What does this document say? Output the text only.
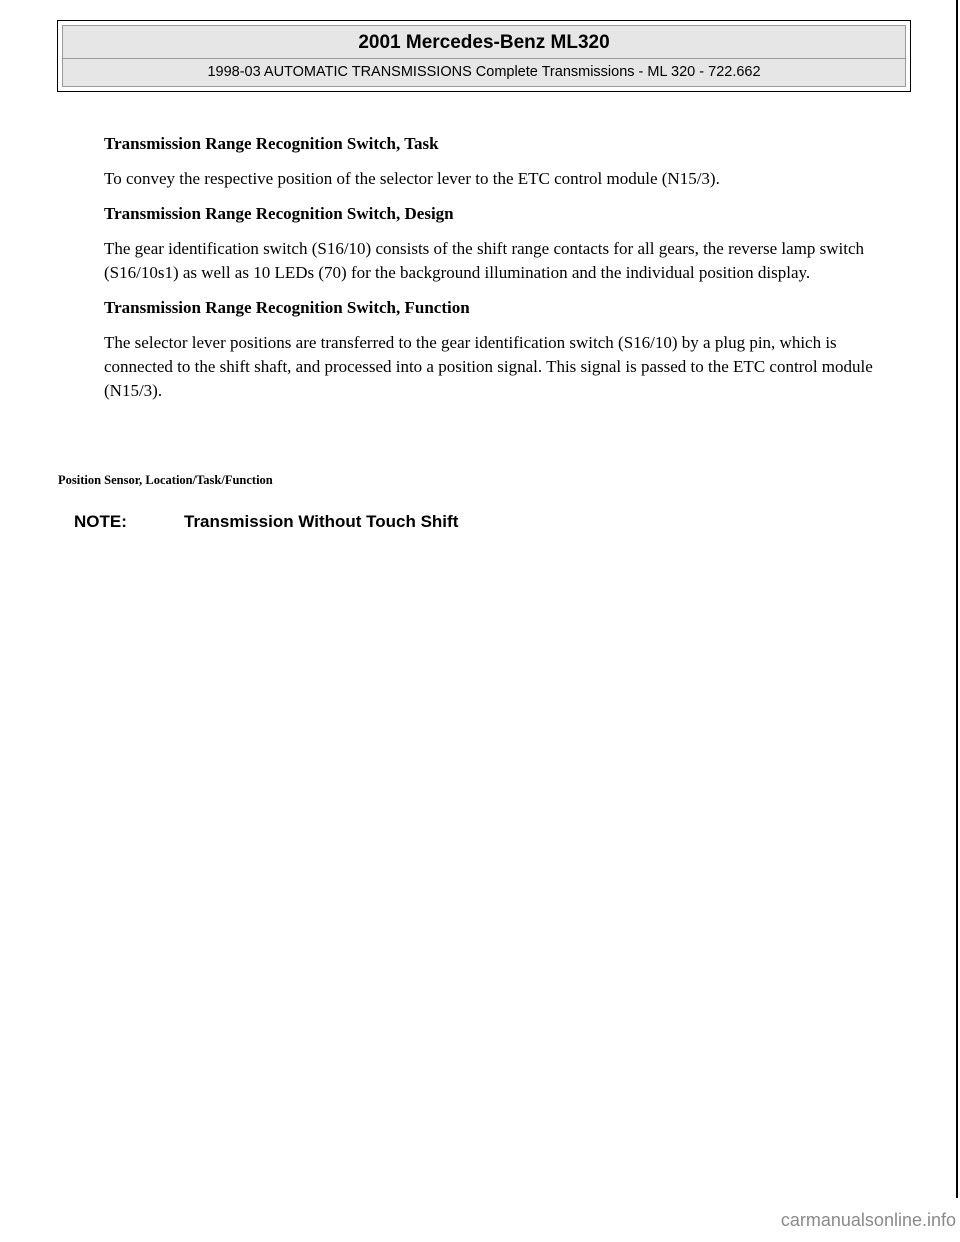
2001 Mercedes-Benz ML320
1998-03 AUTOMATIC TRANSMISSIONS Complete Transmissions - ML 320 - 722.662
Transmission Range Recognition Switch, Task
To convey the respective position of the selector lever to the ETC control module (N15/3).
Transmission Range Recognition Switch, Design
The gear identification switch (S16/10) consists of the shift range contacts for all gears, the reverse lamp switch (S16/10s1) as well as 10 LEDs (70) for the background illumination and the individual position display.
Transmission Range Recognition Switch, Function
The selector lever positions are transferred to the gear identification switch (S16/10) by a plug pin, which is connected to the shift shaft, and processed into a position signal. This signal is passed to the ETC control module (N15/3).
Position Sensor, Location/Task/Function
NOTE:	Transmission Without Touch Shift
carmanualsonline.info
